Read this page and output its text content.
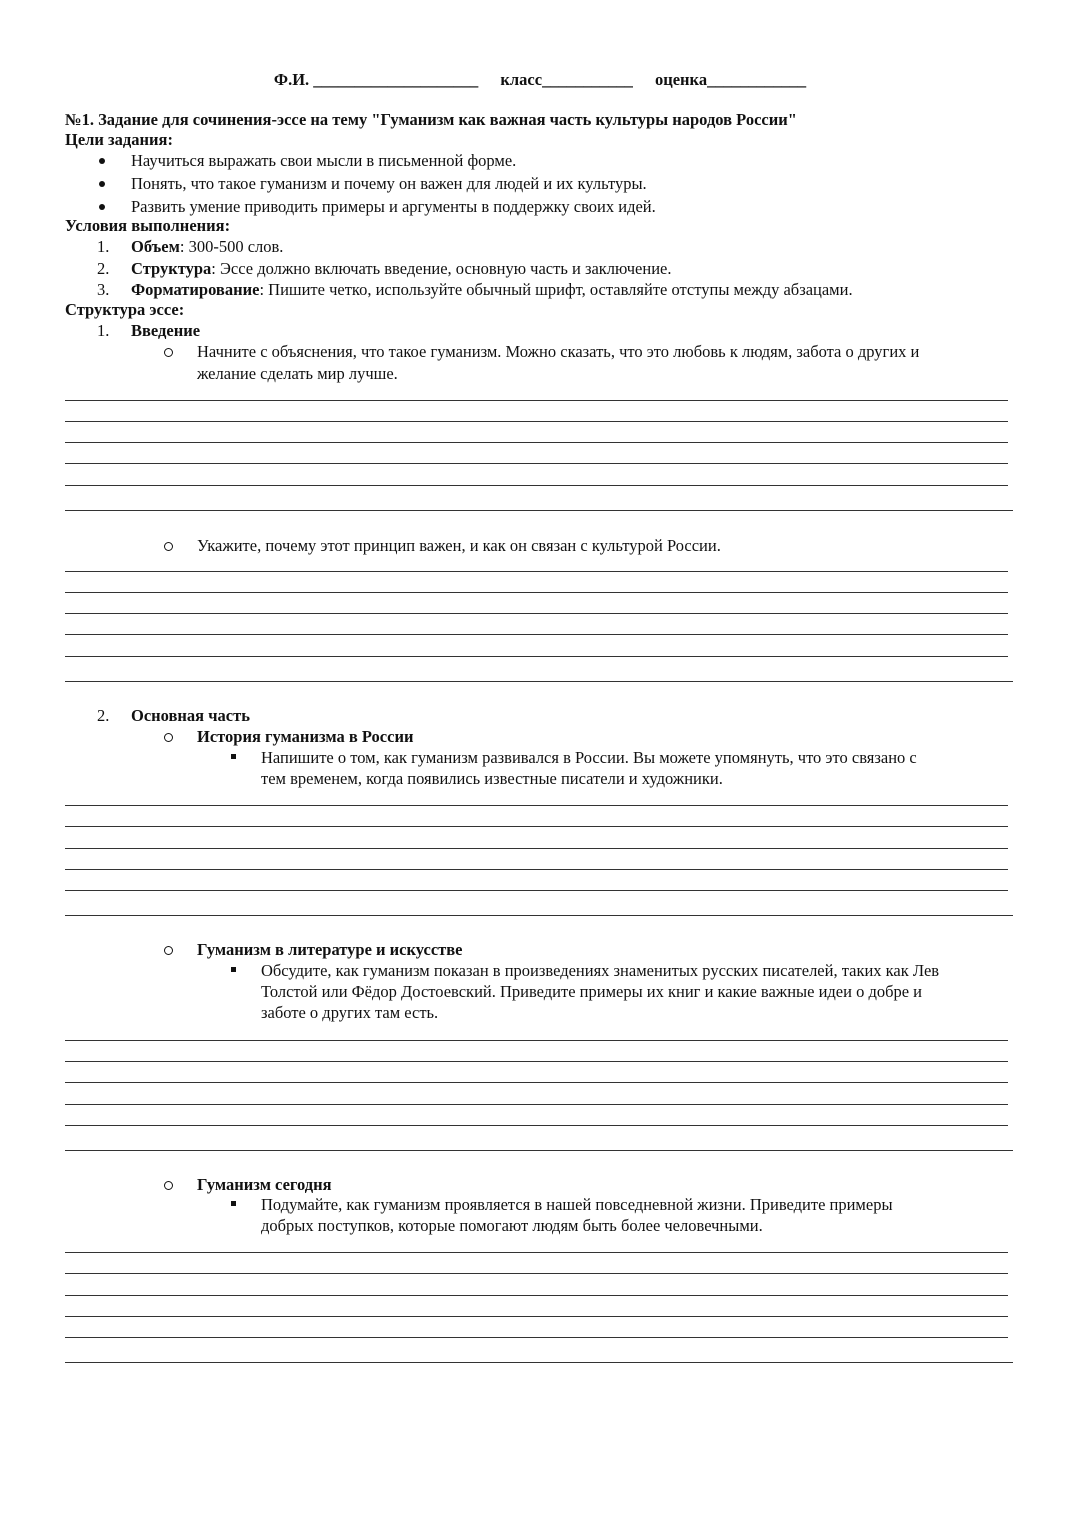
Ф.И. ____________________ класс___________ оценка____________
№1. Задание для сочинения-эссе на тему "Гуманизм как важная часть культуры народов России"
Цели задания:
Научиться выражать свои мысли в письменной форме.
Понять, что такое гуманизм и почему он важен для людей и их культуры.
Развить умение приводить примеры и аргументы в поддержку своих идей.
Условия выполнения:
1. Объем: 300-500 слов.
2. Структура: Эссе должно включать введение, основную часть и заключение.
3. Форматирование: Пишите четко, используйте обычный шрифт, оставляйте отступы между абзацами.
Структура эссе:
1. Введение
Начните с объяснения, что такое гуманизм. Можно сказать, что это любовь к людям, забота о других и
желание сделать мир лучше.
Укажите, почему этот принцип важен, и как он связан с культурой России.
2. Основная часть
История гуманизма в России
Напишите о том, как гуманизм развивался в России. Вы можете упомянуть, что это связано с
тем временем, когда появились известные писатели и художники.
Гуманизм в литературе и искусстве
Обсудите, как гуманизм показан в произведениях знаменитых русских писателей, таких как Лев
Толстой или Фёдор Достоевский. Приведите примеры их книг и какие важные идеи о добре и
заботе о других там есть.
Гуманизм сегодня
Подумайте, как гуманизм проявляется в нашей повседневной жизни. Приведите примеры
добрых поступков, которые помогают людям быть более человечными.
